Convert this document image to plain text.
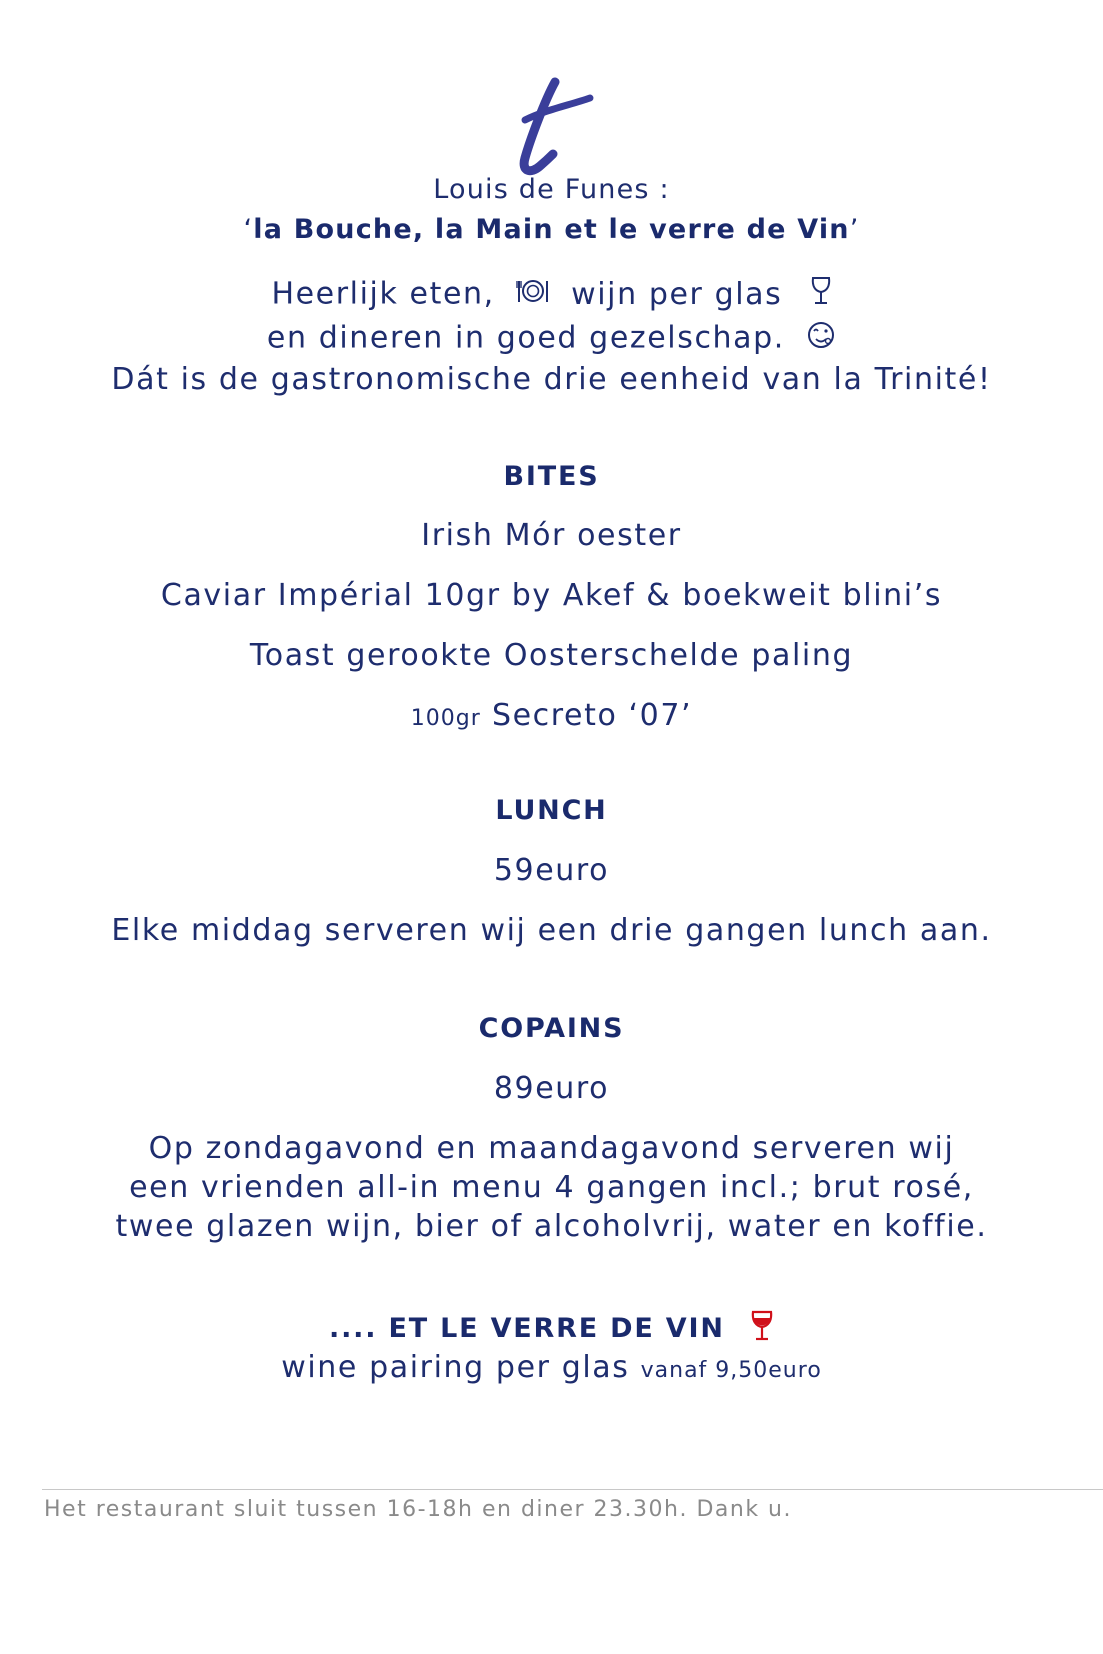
Louis de Funes :
‘la Bouche, la Main et le verre de Vin’
Heerlijk eten,	wijn per glas
en dineren in goed gezelschap.
Dát is de gastronomische drie eenheid van la Trinité!
BITES
Irish Mór oester
Caviar Impérial 10gr by Akef & boekweit blini’s
Toast gerookte Oosterschelde paling
100gr Secreto ‘07’
LUNCH
59euro
Elke middag serveren wij een drie gangen lunch aan.
COPAINS
89euro
Op zondagavond en maandagavond serveren wij
een vrienden all-in menu 4 gangen incl.; brut rosé,
twee glazen wijn, bier of alcoholvrij, water en koffie.
.... ET LE VERRE DE VIN
wine pairing per glas vanaf 9,50euro
Het restaurant sluit tussen 16-18h en diner 23.30h. Dank u.
